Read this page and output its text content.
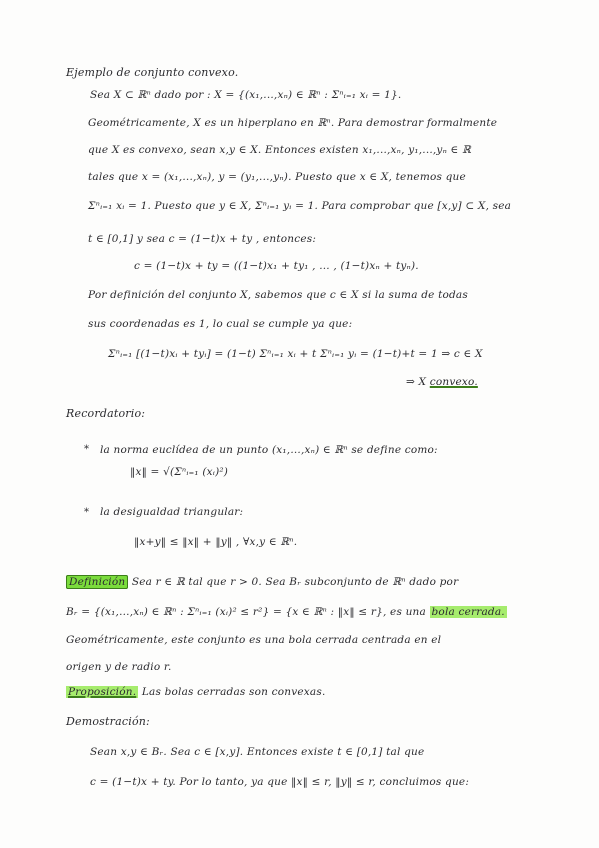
Ejemplo de conjunto convexo.
Sea X ⊂ ℝⁿ dado por : X = {(x₁,...,xₙ) ∈ ℝⁿ : Σⁿᵢ₌₁ xᵢ = 1}.
Geométricamente, X es un hiperplano en ℝⁿ. Para demostrar formalmente
que X es convexo, sean x,y ∈ X. Entonces existen x₁,...,xₙ, y₁,...,yₙ ∈ ℝ
tales que x = (x₁,...,xₙ), y = (y₁,...,yₙ). Puesto que x ∈ X, tenemos que
Σⁿᵢ₌₁ xᵢ = 1. Puesto que y ∈ X, Σⁿᵢ₌₁ yᵢ = 1. Para comprobar que [x,y] ⊂ X, sea
t ∈ [0,1] y sea c = (1−t)x + ty , entonces:
c = (1−t)x + ty = ((1−t)x₁ + ty₁ , ... , (1−t)xₙ + tyₙ).
Por definición del conjunto X, sabemos que c ∈ X si la suma de todas
sus coordenadas es 1, lo cual se cumple ya que:
Σⁿᵢ₌₁ [(1−t)xᵢ + tyᵢ] = (1−t) Σⁿᵢ₌₁ xᵢ + t Σⁿᵢ₌₁ yᵢ = (1−t)+t = 1 ⇒ c ∈ X
⇒ X convexo.
Recordatorio:
* la norma euclídea de un punto (x₁,...,xₙ) ∈ ℝⁿ se define como:
‖x‖ = √(Σⁿᵢ₌₁ (xᵢ)²)
* la desigualdad triangular:
‖x+y‖ ≤ ‖x‖ + ‖y‖ , ∀x,y ∈ ℝⁿ.
Definición Sea r ∈ ℝ tal que r > 0. Sea Bᵣ subconjunto de ℝⁿ dado por
Bᵣ = {(x₁,...,xₙ) ∈ ℝⁿ : Σⁿᵢ₌₁ (xᵢ)² ≤ r²} = {x ∈ ℝⁿ : ‖x‖ ≤ r}, es una bola cerrada.
Geométricamente, este conjunto es una bola cerrada centrada en el
origen y de radio r.
Proposición. Las bolas cerradas son convexas.
Demostración:
Sean x,y ∈ Bᵣ. Sea c ∈ [x,y]. Entonces existe t ∈ [0,1] tal que
c = (1−t)x + ty. Por lo tanto, ya que ‖x‖ ≤ r, ‖y‖ ≤ r, concluimos que:
